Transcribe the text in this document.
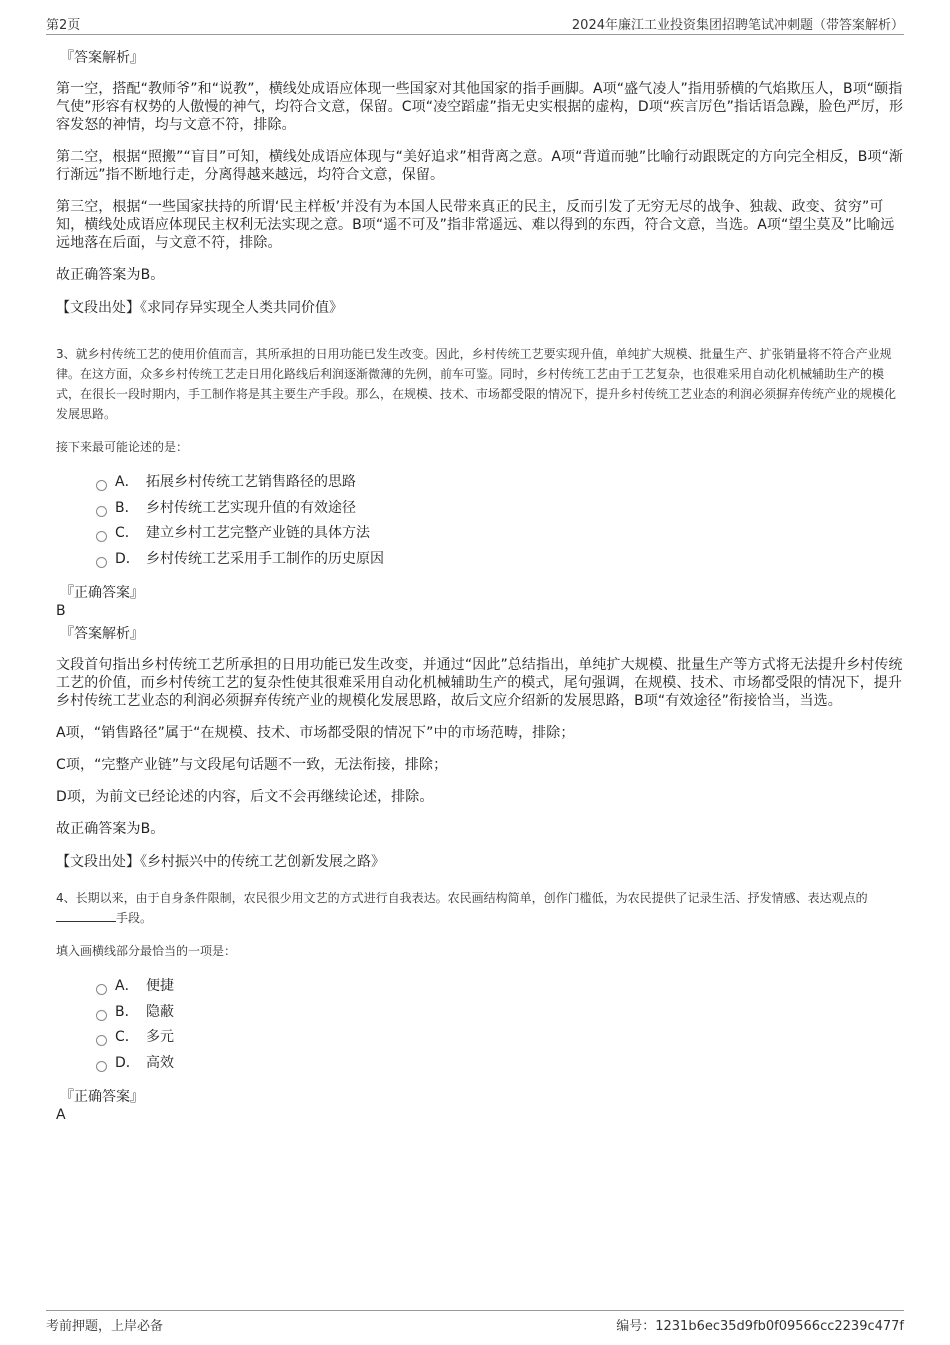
第2页	2024年廉江工业投资集团招聘笔试冲刺题（带答案解析）
『答案解析』

第一空，搭配“教师爷”和“说教”，横线处成语应体现一些国家对其他国家的指手画脚。A项“盛气凌人”指用骄横的气焰欺压人，B项“颐指气使”形容有权势的人傲慢的神气，均符合文意，保留。C项“凌空蹈虚”指无史实根据的虚构，D项“疾言厉色”指话语急躁，脸色严厉，形容发怒的神情，均与文意不符，排除。

第二空，根据“照搬”“盲目”可知，横线处成语应体现与“美好追求”相背离之意。A项“背道而驰”比喻行动跟既定的方向完全相反，B项“渐行渐远”指不断地行走，分离得越来越远，均符合文意，保留。

第三空，根据“一些国家扶持的所谓‘民主样板’并没有为本国人民带来真正的民主，反而引发了无穷无尽的战争、独裁、政变、贫穷”可知，横线处成语应体现民主权利无法实现之意。B项“遥不可及”指非常遥远、难以得到的东西，符合文意，当选。A项“望尘莫及”比喻远远地落在后面，与文意不符，排除。

故正确答案为B。

【文段出处】《求同存异实现全人类共同价值》
3、就乡村传统工艺的使用价值而言，其所承担的日用功能已发生改变。因此，乡村传统工艺要实现升值，单纯扩大规模、批量生产、扩张销量将不符合产业规律。在这方面，众多乡村传统工艺走日用化路线后利润逐渐微薄的先例，前车可鉴。同时，乡村传统工艺由于工艺复杂，也很难采用自动化机械辅助生产的模式，在很长一段时期内，手工制作将是其主要生产手段。那么，在规模、技术、市场都受限的情况下，提升乡村传统工艺业态的利润必须摒弃传统产业的规模化发展思路。
接下来最可能论述的是：
A． 拓展乡村传统工艺销售路径的思路
B． 乡村传统工艺实现升值的有效途径
C． 建立乡村工艺完整产业链的具体方法
D． 乡村传统工艺采用手工制作的历史原因
『正确答案』
B
『答案解析』

文段首句指出乡村传统工艺所承担的日用功能已发生改变，并通过“因此”总结指出，单纯扩大规模、批量生产等方式将无法提升乡村传统工艺的价值，而乡村传统工艺的复杂性使其很难采用自动化机械辅助生产的模式，尾句强调，在规模、技术、市场都受限的情况下，提升乡村传统工艺业态的利润必须摒弃传统产业的规模化发展思路，故后文应介绍新的发展思路，B项“有效途径”衔接恰当，当选。

A项，“销售路径”属于“在规模、技术、市场都受限的情况下”中的市场范畴，排除；

C项，“完整产业链”与文段尾句话题不一致，无法衔接，排除；

D项，为前文已经论述的内容，后文不会再继续论述，排除。

故正确答案为B。

【文段出处】《乡村振兴中的传统工艺创新发展之路》
4、长期以来，由于自身条件限制，农民很少用文艺的方式进行自我表达。农民画结构简单，创作门槛低，为农民提供了记录生活、抒发情感、表达观点的手段。
填入画横线部分最恰当的一项是：
A． 便捷
B． 隐蔽
C． 多元
D． 高效
『正确答案』
A
考前押题，上岸必备	编号：1231b6ec35d9fb0f09566cc2239c477f
